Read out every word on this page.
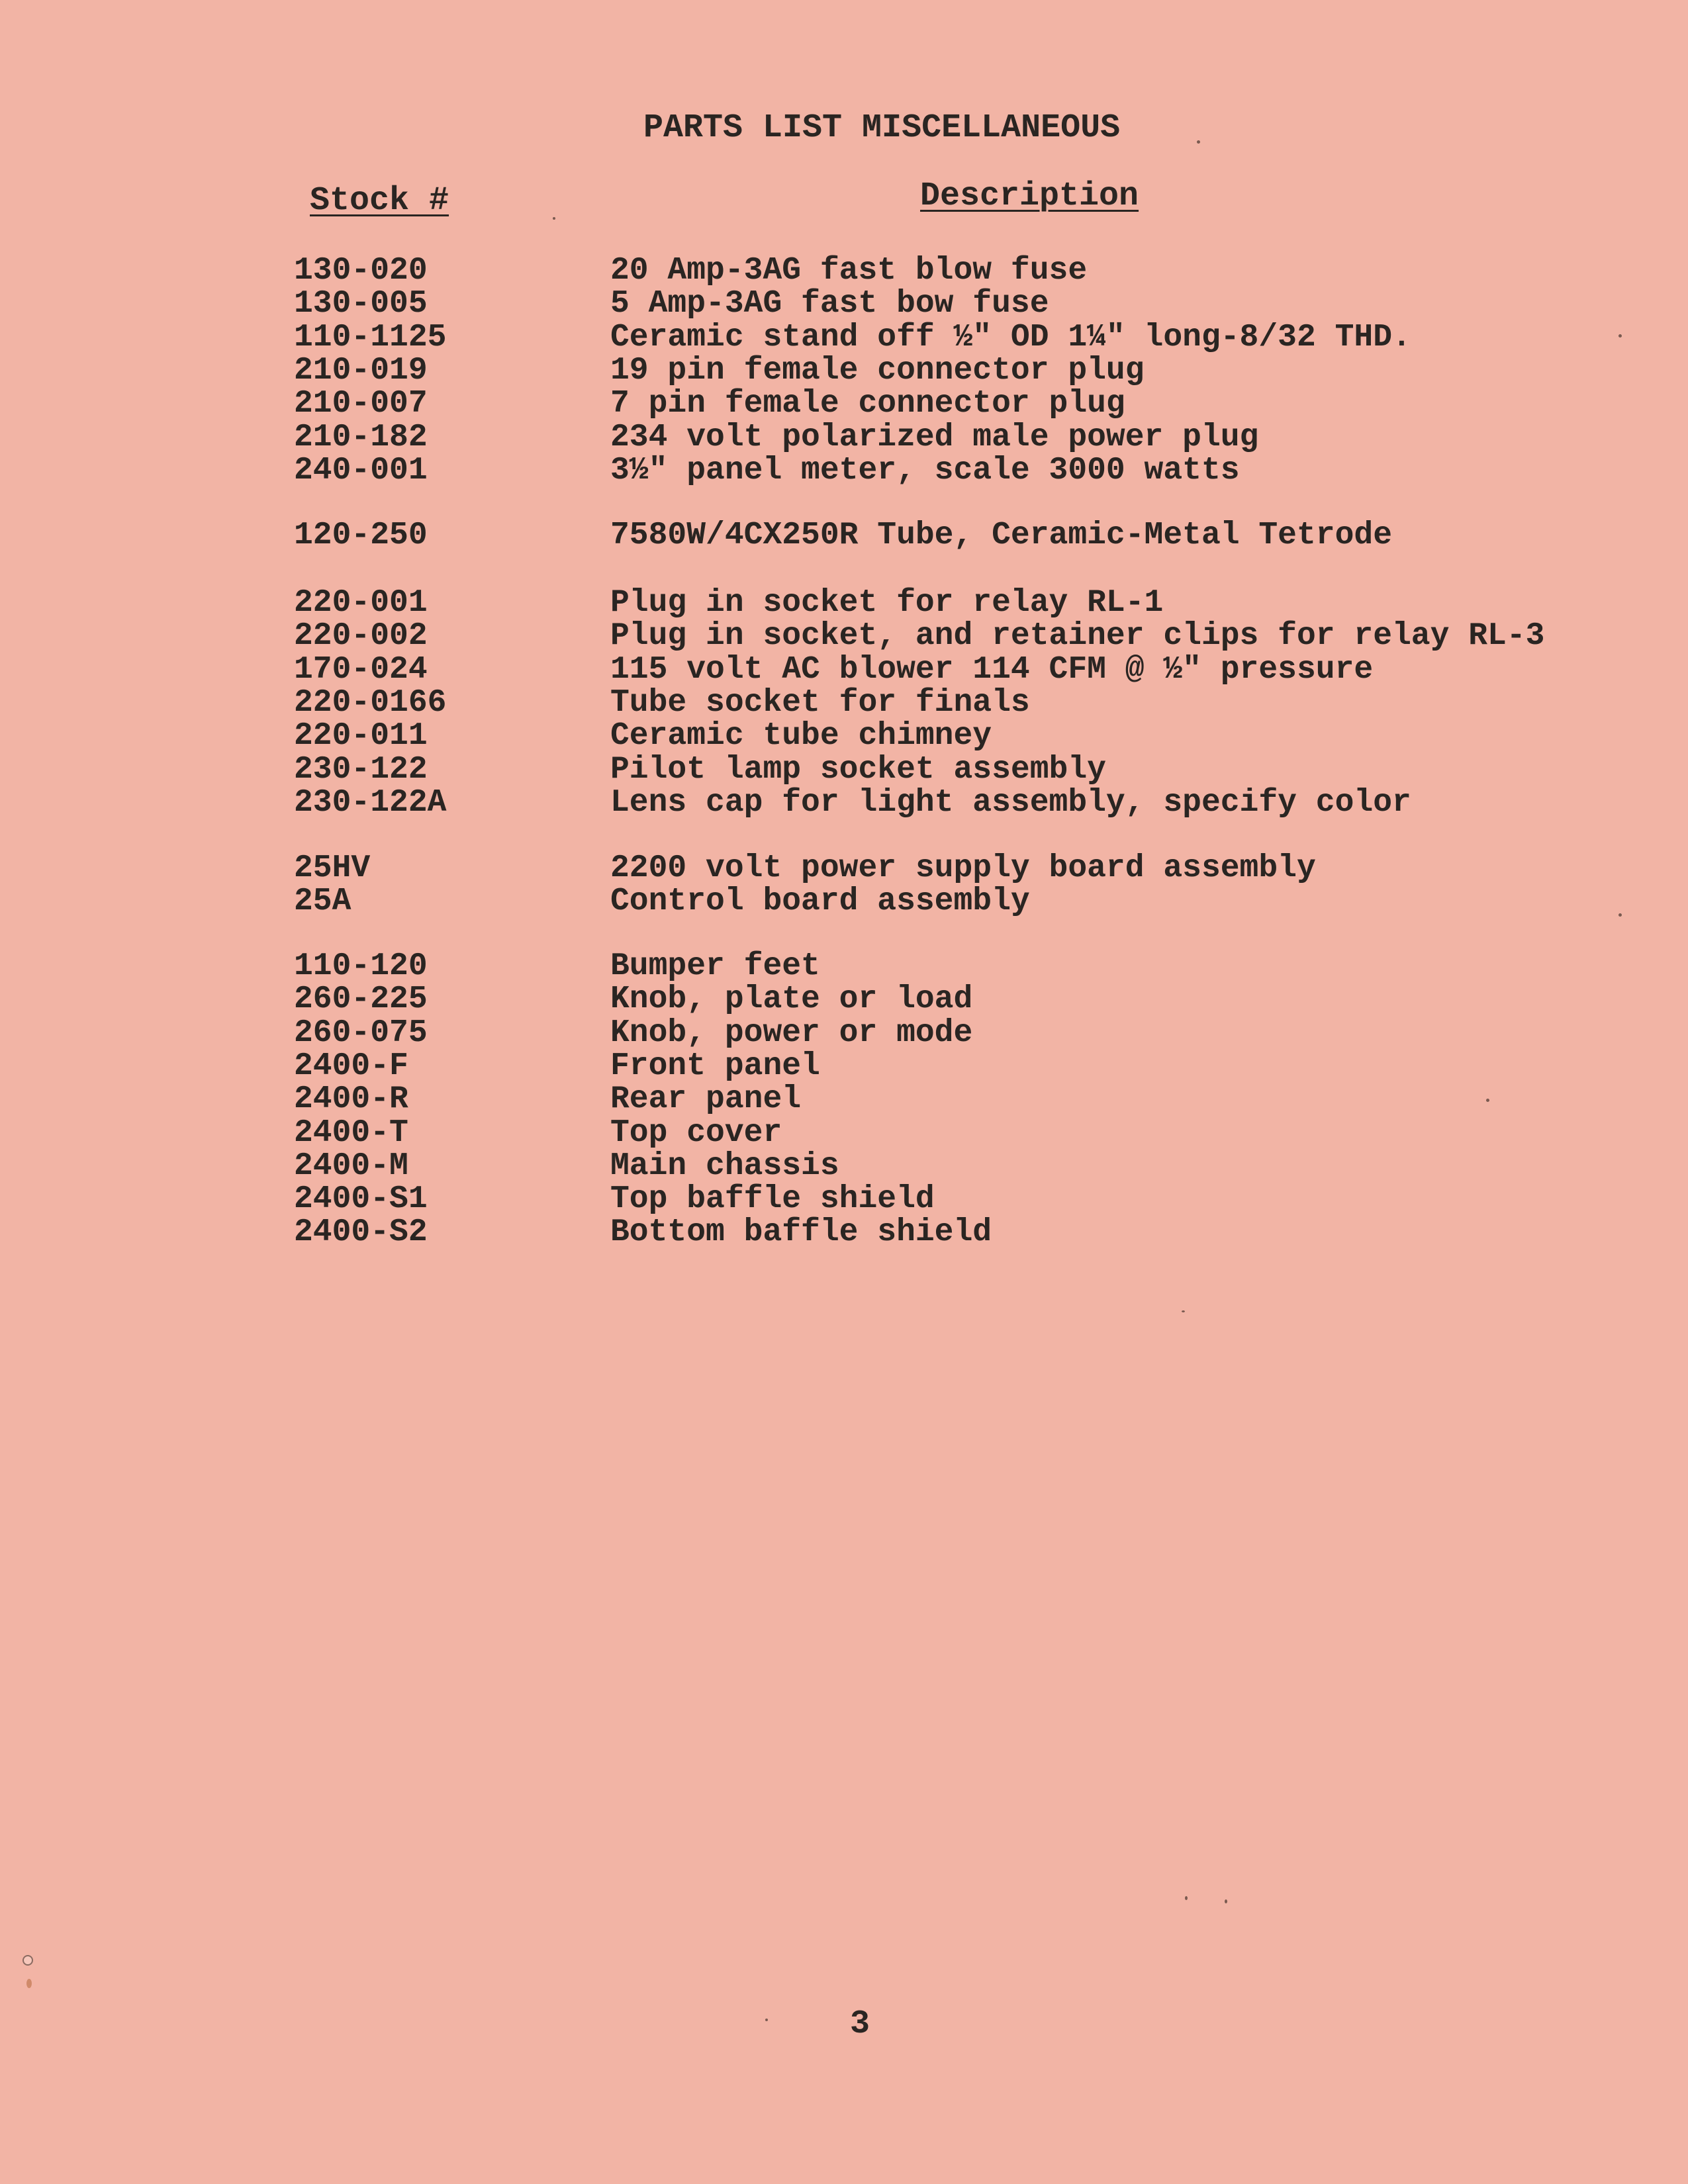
PARTS LIST MISCELLANEOUS
Stock #	Description
130-020	20 Amp-3AG fast blow fuse
130-005	5 Amp-3AG fast bow fuse
110-1125	Ceramic stand off ½" OD 1¼" long-8/32 THD.
210-019	19 pin female connector plug
210-007	7 pin female connector plug
210-182	234 volt polarized male power plug
240-001	3½" panel meter, scale 3000 watts
120-250	7580W/4CX250R Tube, Ceramic-Metal Tetrode
220-001	Plug in socket for relay RL-1
220-002	Plug in socket, and retainer clips for relay RL-3
170-024	115 volt AC blower 114 CFM @ ½" pressure
220-0166	Tube socket for finals
220-011	Ceramic tube chimney
230-122	Pilot lamp socket assembly
230-122A	Lens cap for light assembly, specify color
25HV	2200 volt power supply board assembly
25A	Control board assembly
110-120	Bumper feet
260-225	Knob, plate or load
260-075	Knob, power or mode
2400-F	Front panel
2400-R	Rear panel
2400-T	Top cover
2400-M	Main chassis
2400-S1	Top baffle shield
2400-S2	Bottom baffle shield
3
